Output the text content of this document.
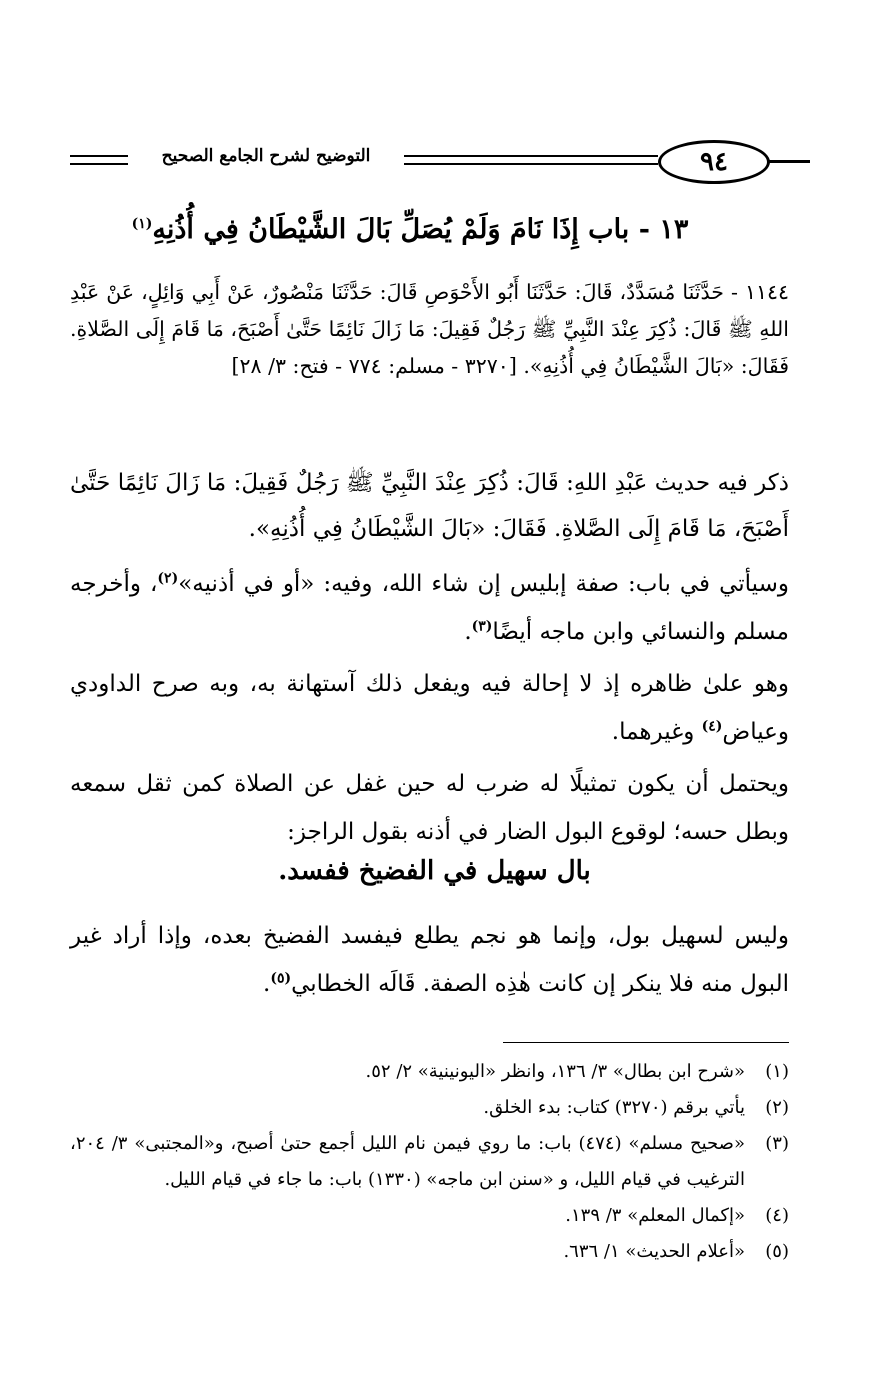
٩٤
التوضيح لشرح الجامع الصحيح
١٣ - باب إِذَا نَامَ وَلَمْ يُصَلِّ بَالَ الشَّيْطَانُ فِي أُذُنِهِ$^{(١)}$
١١٤٤ - حَدَّثَنَا مُسَدَّدٌ، قَالَ: حَدَّثَنَا أَبُو الأَحْوَصِ قَالَ: حَدَّثَنَا مَنْصُورٌ، عَنْ أَبِي وَائِلٍ، عَنْ عَبْدِ اللهِ ﷺ قَالَ: ذُكِرَ عِنْدَ النَّبِيِّ ﷺ رَجُلٌ فَقِيلَ: مَا زَالَ نَائِمًا حَتَّىٰ أَصْبَحَ، مَا قَامَ إِلَى الصَّلاةِ. فَقَالَ: «بَالَ الشَّيْطَانُ فِي أُذُنِهِ». [٣٢٧٠ - مسلم: ٧٧٤ - فتح: ٣/ ٢٨]
ذكر فيه حديث عَبْدِ اللهِ: قَالَ: ذُكِرَ عِنْدَ النَّبِيِّ ﷺ رَجُلٌ فَقِيلَ: مَا زَالَ نَائِمًا حَتَّىٰ أَصْبَحَ، مَا قَامَ إِلَى الصَّلاةِ. فَقَالَ: «بَالَ الشَّيْطَانُ فِي أُذُنِهِ».
وسيأتي في باب: صفة إبليس إن شاء الله، وفيه: «أو في أذنيه»$^{(٢)}$، وأخرجه مسلم والنسائي وابن ماجه أيضًا$^{(٣)}$.
وهو علىٰ ظاهره إذ لا إحالة فيه ويفعل ذلك آستهانة به، وبه صرح الداودي وعياض$^{(٤)}$ وغيرهما.
ويحتمل أن يكون تمثيلًا له ضرب له حين غفل عن الصلاة كمن ثقل سمعه وبطل حسه؛ لوقوع البول الضار في أذنه بقول الراجز:
بال سهيل في الفضيخ ففسد.
وليس لسهيل بول، وإنما هو نجم يطلع فيفسد الفضيخ بعده، وإذا أراد غير البول منه فلا ينكر إن كانت هٰذِه الصفة. قَالَه الخطابي$^{(٥)}$.
(١)
«شرح ابن بطال» ٣/ ١٣٦، وانظر «اليونينية» ٢/ ٥٢.
(٢)
يأتي برقم (٣٢٧٠) كتاب: بدء الخلق.
(٣)
«صحيح مسلم» (٤٧٤) باب: ما روي فيمن نام الليل أجمع حتىٰ أصبح، و«المجتبى» ٣/ ٢٠٤، الترغيب في قيام الليل، و «سنن ابن ماجه» (١٣٣٠) باب: ما جاء في قيام الليل.
(٤)
«إكمال المعلم» ٣/ ١٣٩.
(٥)
«أعلام الحديث» ١/ ٦٣٦.
